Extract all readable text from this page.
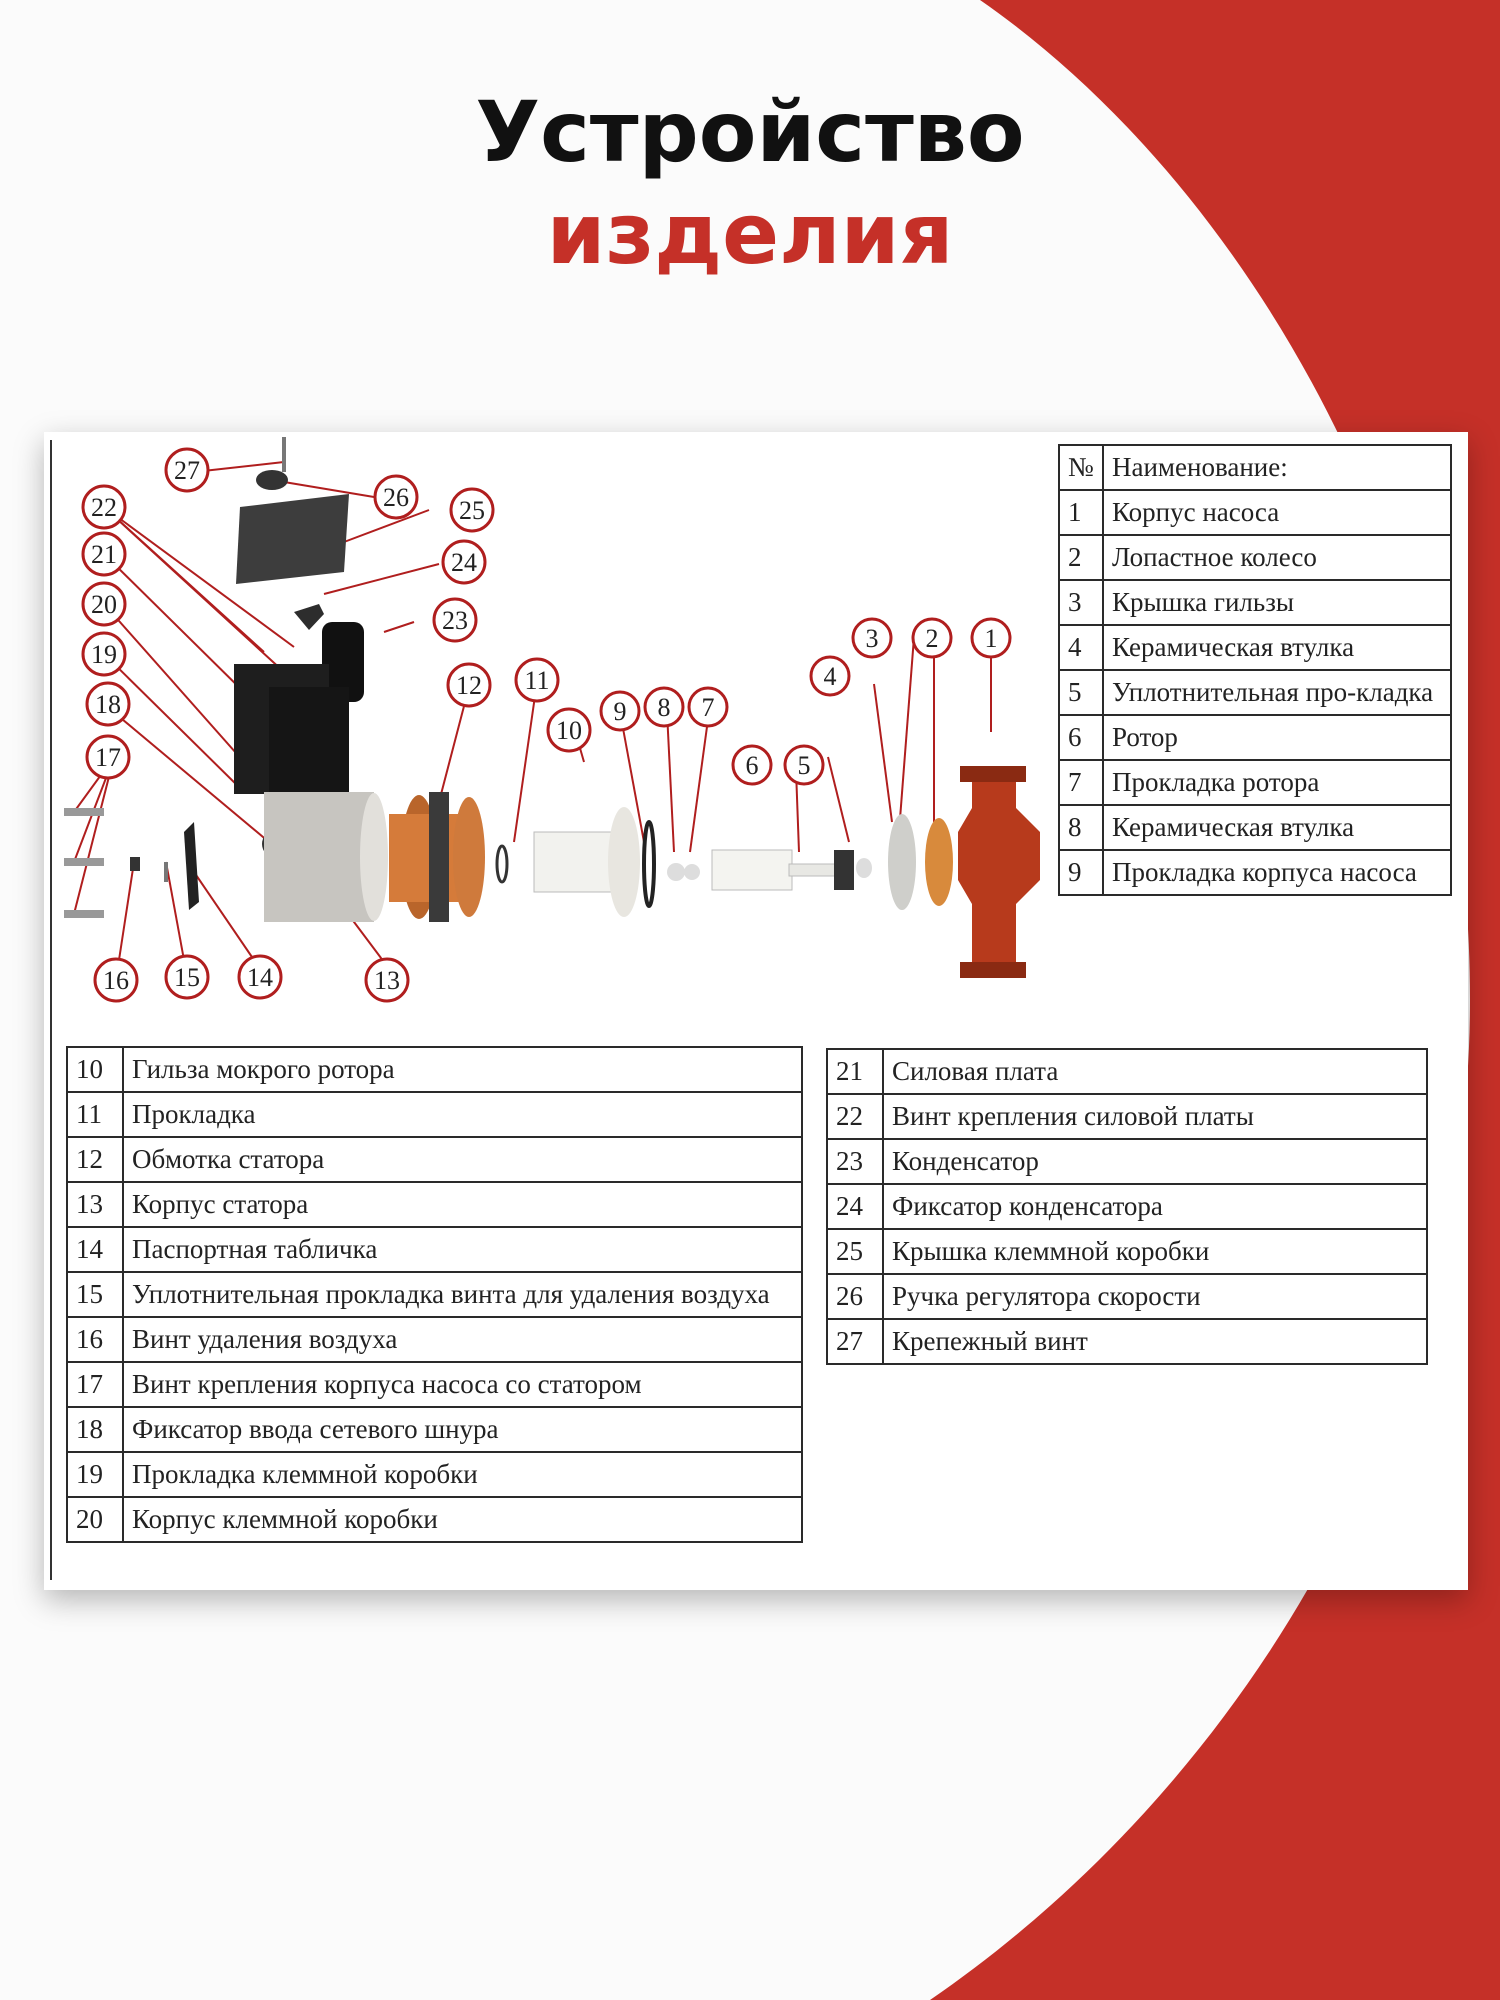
Устройство
изделия
27
26 25
24
23
22
21
20
19
18
17
16 15 14	13
12 11
10
9 8 7
6 5
4
3 2 1
№	Наименование:
1	Корпус насоса
2	Лопастное колесо
3	Крышка гильзы
4	Керамическая втулка
5	Уплотнительная про-кладка
6	Ротор
7	Прокладка ротора
8	Керамическая втулка
9	Прокладка корпуса насоса
10	Гильза мокрого ротора
11	Прокладка
12	Обмотка статора
13	Корпус статора
14	Паспортная табличка
15	Уплотнительная прокладка винта для удаления воздуха
16	Винт удаления воздуха
17	Винт крепления корпуса насоса со статором
18	Фиксатор ввода сетевого шнура
19	Прокладка клеммной коробки
20	Корпус клеммной коробки
21	Силовая плата
22	Винт крепления силовой платы
23	Конденсатор
24	Фиксатор конденсатора
25	Крышка клеммной коробки
26	Ручка регулятора скорости
27	Крепежный винт
